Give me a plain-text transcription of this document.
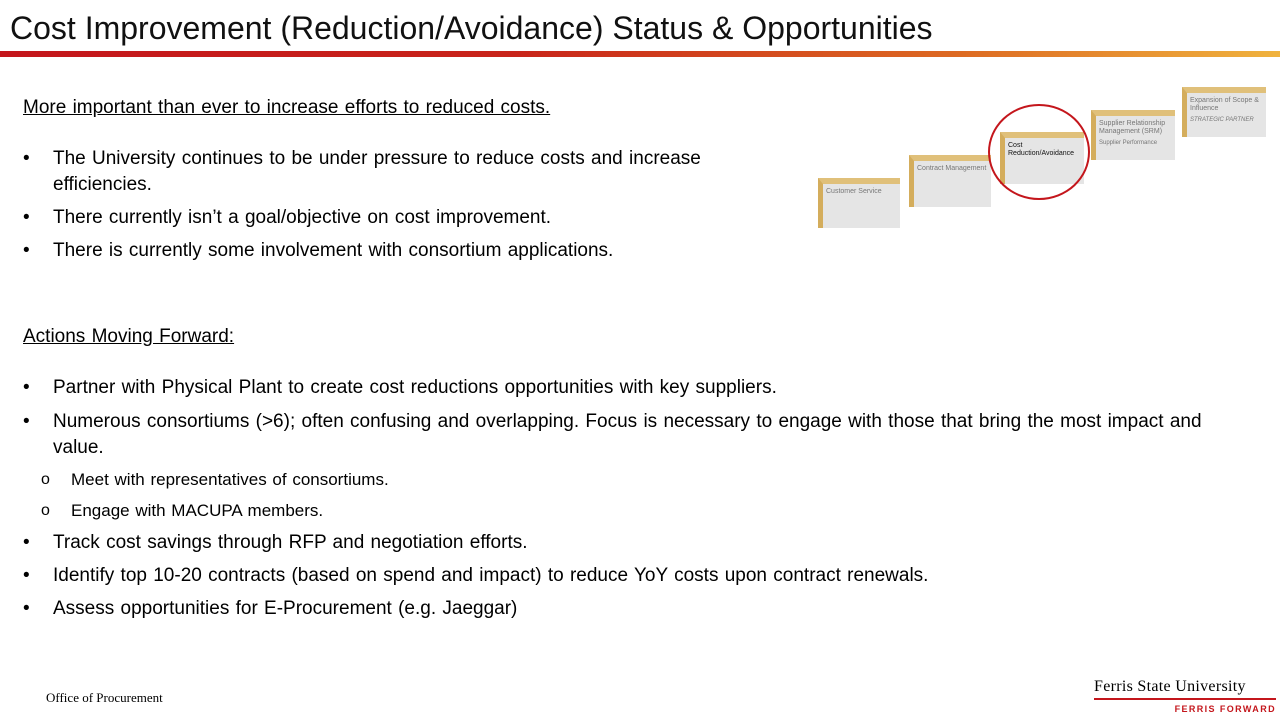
Cost Improvement (Reduction/Avoidance) Status & Opportunities
More important than ever to increase efforts to reduced costs.
• The University continues to be under pressure to reduce costs and increase efficiencies.
• There currently isn’t a goal/objective on cost improvement.
• There is currently some involvement with consortium applications.
Actions Moving Forward:
• Partner with Physical Plant to create cost reductions opportunities with key suppliers.
• Numerous consortiums (>6); often confusing and overlapping. Focus is necessary to engage with those that bring the most impact and value.
o Meet with representatives of consortiums.
o Engage with MACUPA members.
• Track cost savings through RFP and negotiation efforts.
• Identify top 10-20 contracts (based on spend and impact) to reduce YoY costs upon contract renewals.
• Assess opportunities for E-Procurement (e.g. Jaeggar)
Customer Service
Contract Management
Cost Reduction/Avoidance
Supplier Relationship Management (SRM)
Supplier Performance
Expansion of Scope & Influence
STRATEGIC PARTNER
Office of Procurement
Ferris State University
FERRIS FORWARD
